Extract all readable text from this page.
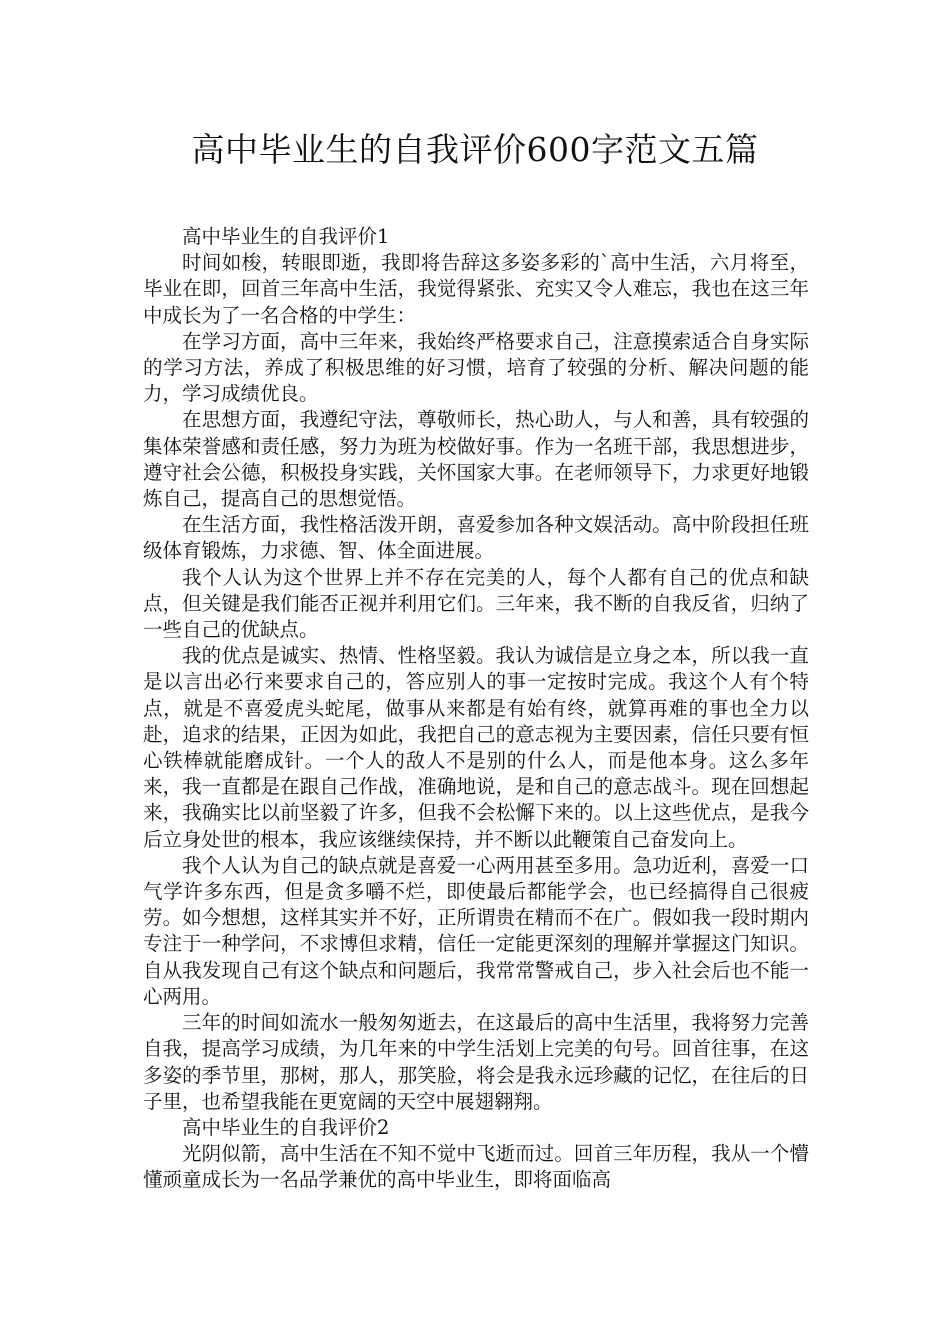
高中毕业生的自我评价600字范文五篇

高中毕业生的自我评价1

时间如梭，转眼即逝，我即将告辞这多姿多彩的`高中生活，六月将至，毕业在即，回首三年高中生活，我觉得紧张、充实又令人难忘，我也在这三年中成长为了一名合格的中学生：

在学习方面，高中三年来，我始终严格要求自己，注意摸索适合自身实际的学习方法，养成了积极思维的好习惯，培育了较强的分析、解决问题的能力，学习成绩优良。

在思想方面，我遵纪守法，尊敬师长，热心助人，与人和善，具有较强的集体荣誉感和责任感，努力为班为校做好事。作为一名班干部，我思想进步，遵守社会公德，积极投身实践，关怀国家大事。在老师领导下，力求更好地锻炼自己，提高自己的思想觉悟。

在生活方面，我性格活泼开朗，喜爱参加各种文娱活动。高中阶段担任班级体育锻炼，力求德、智、体全面进展。

我个人认为这个世界上并不存在完美的人，每个人都有自己的优点和缺点，但关键是我们能否正视并利用它们。三年来，我不断的自我反省，归纳了一些自己的优缺点。

我的优点是诚实、热情、性格坚毅。我认为诚信是立身之本，所以我一直是以言出必行来要求自己的，答应别人的事一定按时完成。我这个人有个特点，就是不喜爱虎头蛇尾，做事从来都是有始有终，就算再难的事也全力以赴，追求的结果，正因为如此，我把自己的意志视为主要因素，信任只要有恒心铁棒就能磨成针。一个人的敌人不是别的什么人，而是他本身。这么多年来，我一直都是在跟自己作战，准确地说，是和自己的意志战斗。现在回想起来，我确实比以前坚毅了许多，但我不会松懈下来的。以上这些优点，是我今后立身处世的根本，我应该继续保持，并不断以此鞭策自己奋发向上。

我个人认为自己的缺点就是喜爱一心两用甚至多用。急功近利，喜爱一口气学许多东西，但是贪多嚼不烂，即使最后都能学会，也已经搞得自己很疲劳。如今想想，这样其实并不好，正所谓贵在精而不在广。假如我一段时期内专注于一种学问，不求博但求精，信任一定能更深刻的理解并掌握这门知识。自从我发现自己有这个缺点和问题后，我常常警戒自己，步入社会后也不能一心两用。

三年的时间如流水一般匆匆逝去，在这最后的高中生活里，我将努力完善自我，提高学习成绩，为几年来的中学生活划上完美的句号。回首往事，在这多姿的季节里，那树，那人，那笑脸，将会是我永远珍藏的记忆，在往后的日子里，也希望我能在更宽阔的天空中展翅翱翔。

高中毕业生的自我评价2

光阴似箭，高中生活在不知不觉中飞逝而过。回首三年历程，我从一个懵懂顽童成长为一名品学兼优的高中毕业生，即将面临高
